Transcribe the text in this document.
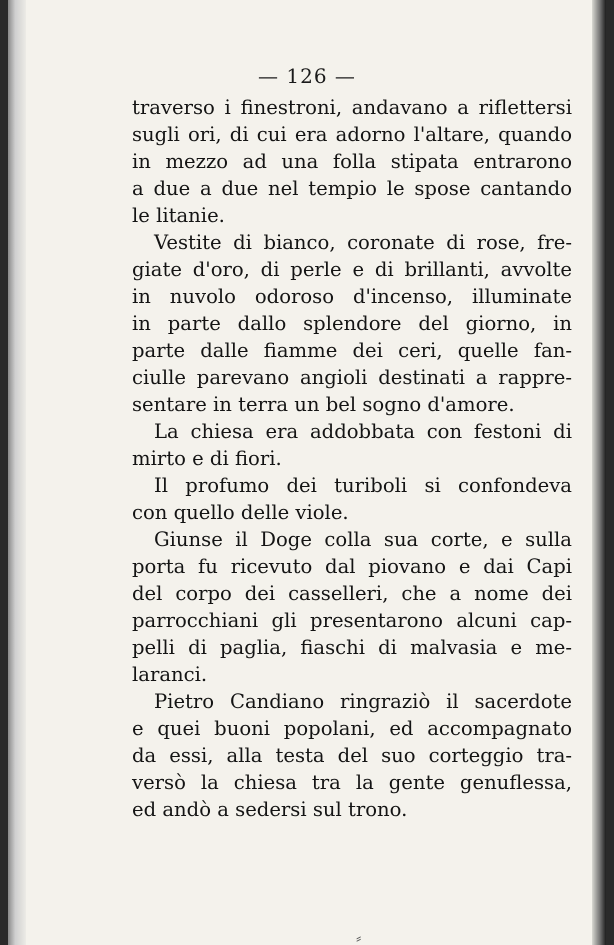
— 126 —
traverso i finestroni, andavano a riflettersi
sugli ori, di cui era adorno l'altare, quando
in mezzo ad una folla stipata entrarono
a due a due nel tempio le spose cantando
le litanie.
Vestite di bianco, coronate di rose, fre-
giate d'oro, di perle e di brillanti, avvolte
in nuvolo odoroso d'incenso, illuminate
in parte dallo splendore del giorno, in
parte dalle fiamme dei ceri, quelle fan-
ciulle parevano angioli destinati a rappre-
sentare in terra un bel sogno d'amore.
La chiesa era addobbata con festoni di
mirto e di fiori.
Il profumo dei turiboli si confondeva
con quello delle viole.
Giunse il Doge colla sua corte, e sulla
porta fu ricevuto dal piovano e dai Capi
del corpo dei casselleri, che a nome dei
parrocchiani gli presentarono alcuni cap-
pelli di paglia, fiaschi di malvasia e me-
laranci.
Pietro Candiano ringraziò il sacerdote
e quei buoni popolani, ed accompagnato
da essi, alla testa del suo corteggio tra-
versò la chiesa tra la gente genuflessa,
ed andò a sedersi sul trono.
⸗
